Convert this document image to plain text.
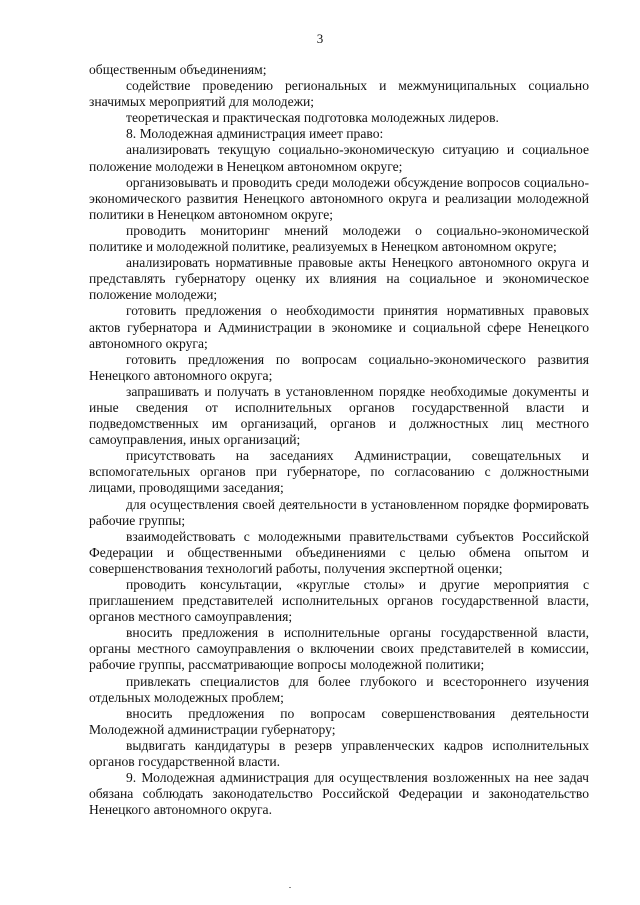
3

общественным объединениям;

содействие проведению региональных и межмуниципальных социально значимых мероприятий для молодежи;

теоретическая и практическая подготовка молодежных лидеров.

8. Молодежная администрация имеет право:

анализировать текущую социально-экономическую ситуацию и социальное положение молодежи в Ненецком автономном округе;

организовывать и проводить среди молодежи обсуждение вопросов социально-экономического развития Ненецкого автономного округа и реализации молодежной политики в Ненецком автономном округе;

проводить мониторинг мнений молодежи о социально-экономической политике и молодежной политике, реализуемых в Ненецком автономном округе;

анализировать нормативные правовые акты Ненецкого автономного округа и представлять губернатору оценку их влияния на социальное и экономическое положение молодежи;

готовить предложения о необходимости принятия нормативных правовых актов губернатора и Администрации в экономике и социальной сфере Ненецкого автономного округа;

готовить предложения по вопросам социально-экономического развития Ненецкого автономного округа;

запрашивать и получать в установленном порядке необходимые документы и иные сведения от исполнительных органов государственной власти и подведомственных им организаций, органов и должностных лиц местного самоуправления, иных организаций;

присутствовать на заседаниях Администрации, совещательных и вспомогательных органов при губернаторе, по согласованию с должностными лицами, проводящими заседания;

для осуществления своей деятельности в установленном порядке формировать рабочие группы;

взаимодействовать с молодежными правительствами субъектов Российской Федерации и общественными объединениями с целью обмена опытом и совершенствования технологий работы, получения экспертной оценки;

проводить консультации, «круглые столы» и другие мероприятия с приглашением представителей исполнительных органов государственной власти, органов местного самоуправления;

вносить предложения в исполнительные органы государственной власти, органы местного самоуправления о включении своих представителей в комиссии, рабочие группы, рассматривающие вопросы молодежной политики;

привлекать специалистов для более глубокого и всестороннего изучения отдельных молодежных проблем;

вносить предложения по вопросам совершенствования деятельности Молодежной администрации губернатору;

выдвигать кандидатуры в резерв управленческих кадров исполнительных органов государственной власти.

9. Молодежная администрация для осуществления возложенных на нее задач обязана соблюдать законодательство Российской Федерации и законодательство Ненецкого автономного округа.
